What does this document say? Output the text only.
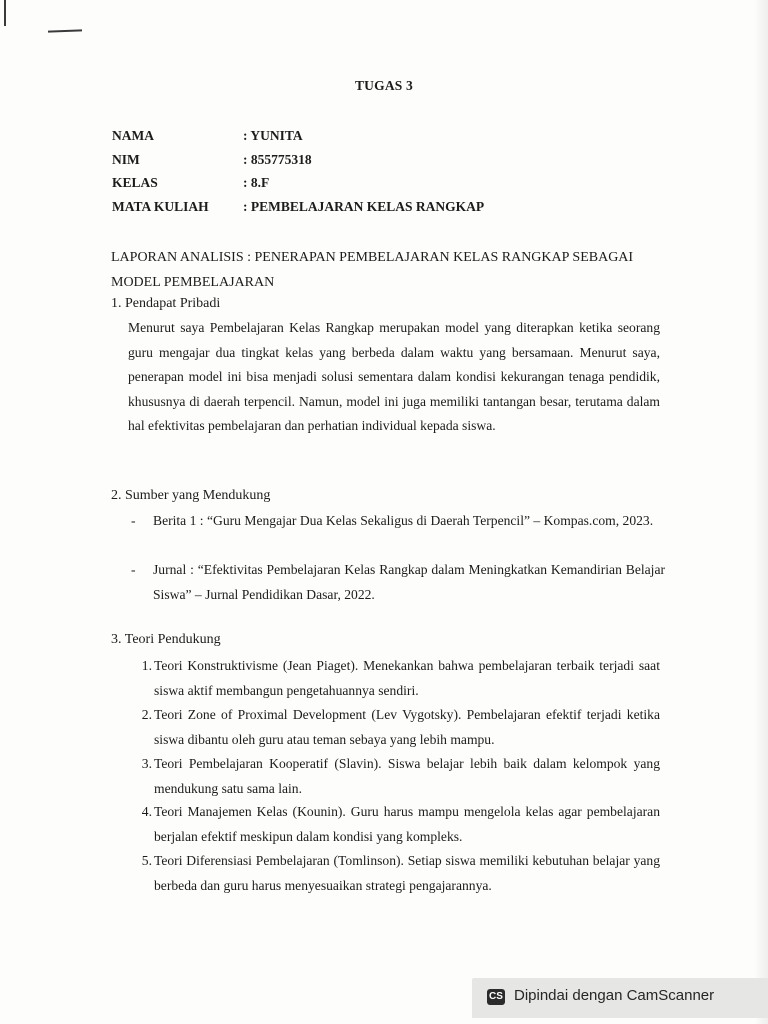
TUGAS 3
NAMA	: YUNITA
NIM	: 855775318
KELAS	: 8.F
MATA KULIAH	: PEMBELAJARAN KELAS RANGKAP
LAPORAN ANALISIS : PENERAPAN PEMBELAJARAN KELAS RANGKAP SEBAGAI MODEL PEMBELAJARAN
1. Pendapat Pribadi
Menurut saya Pembelajaran Kelas Rangkap merupakan model yang diterapkan ketika seorang guru mengajar dua tingkat kelas yang berbeda dalam waktu yang bersamaan. Menurut saya, penerapan model ini bisa menjadi solusi sementara dalam kondisi kekurangan tenaga pendidik, khususnya di daerah terpencil. Namun, model ini juga memiliki tantangan besar, terutama dalam hal efektivitas pembelajaran dan perhatian individual kepada siswa.
2. Sumber yang Mendukung
-	Berita 1 : “Guru Mengajar Dua Kelas Sekaligus di Daerah Terpencil” – Kompas.com, 2023.
-	Jurnal : “Efektivitas Pembelajaran Kelas Rangkap dalam Meningkatkan Kemandirian Belajar Siswa” – Jurnal Pendidikan Dasar, 2022.
3. Teori Pendukung
1. Teori Konstruktivisme (Jean Piaget). Menekankan bahwa pembelajaran terbaik terjadi saat siswa aktif membangun pengetahuannya sendiri.
2. Teori Zone of Proximal Development (Lev Vygotsky). Pembelajaran efektif terjadi ketika siswa dibantu oleh guru atau teman sebaya yang lebih mampu.
3. Teori Pembelajaran Kooperatif (Slavin). Siswa belajar lebih baik dalam kelompok yang mendukung satu sama lain.
4. Teori Manajemen Kelas (Kounin). Guru harus mampu mengelola kelas agar pembelajaran berjalan efektif meskipun dalam kondisi yang kompleks.
5. Teori Diferensiasi Pembelajaran (Tomlinson). Setiap siswa memiliki kebutuhan belajar yang berbeda dan guru harus menyesuaikan strategi pengajarannya.
CS Dipindai dengan CamScanner
